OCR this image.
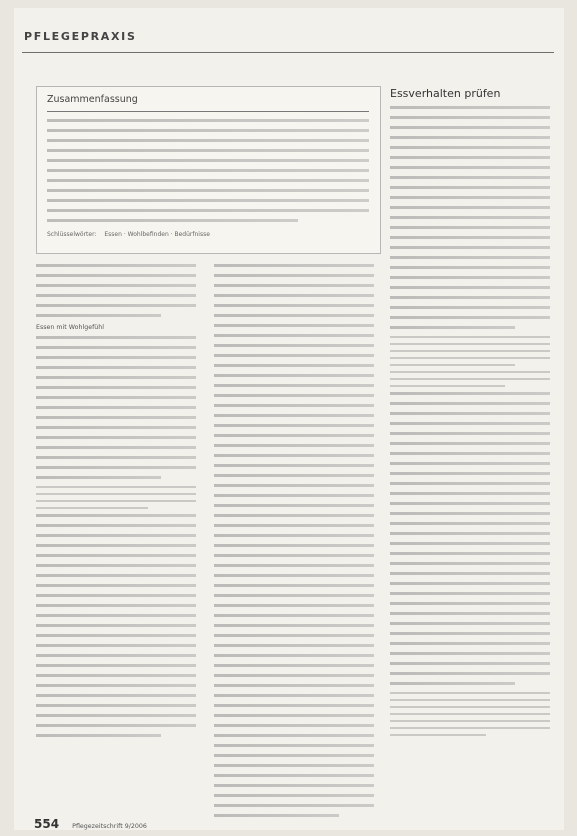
PFLEGEPRAXIS
Zusammenfassung
Schlüsselwörter: Essen · Wohlbefinden · Bedürfnisse
Essverhalten prüfen
Essen mit Wohlgefühl
554 Pflegezeitschrift 9/2006
